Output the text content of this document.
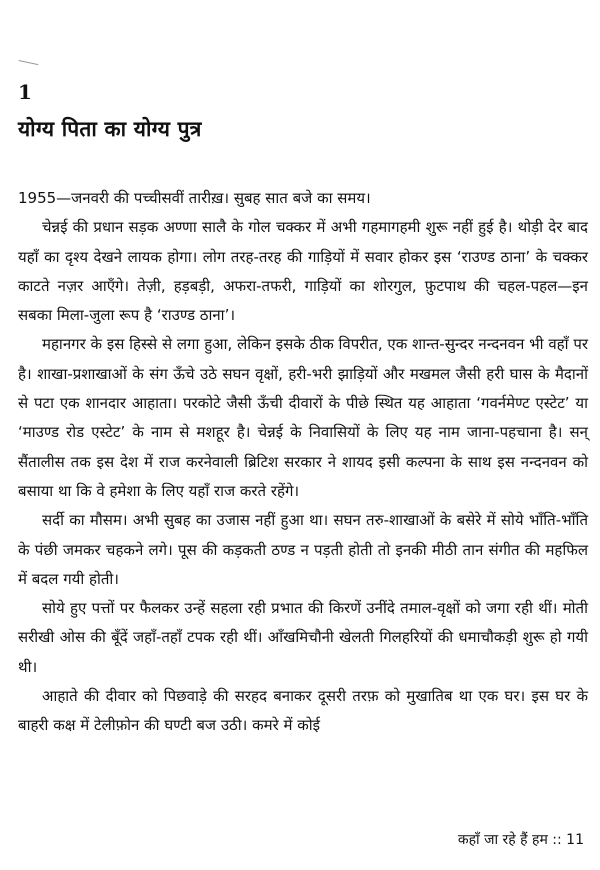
1
योग्य पिता का योग्य पुत्र

1955—जनवरी की पच्चीसवीं तारीख़। सुबह सात बजे का समय।

चेन्नई की प्रधान सड़क अण्णा सालै के गोल चक्कर में अभी गहमागहमी शुरू नहीं हुई है। थोड़ी देर बाद यहाँ का दृश्य देखने लायक होगा। लोग तरह-तरह की गाड़ियों में सवार होकर इस ‘राउण्ड ठाना’ के चक्कर काटते नज़र आएँगे। तेज़ी, हड़बड़ी, अफरा-तफरी, गाड़ियों का शोरगुल, फ़ुटपाथ की चहल-पहल—इन सबका मिला-जुला रूप है ‘राउण्ड ठाना’।

महानगर के इस हिस्से से लगा हुआ, लेकिन इसके ठीक विपरीत, एक शान्त-सुन्दर नन्दनवन भी वहाँ पर है। शाखा-प्रशाखाओं के संग ऊँचे उठे सघन वृक्षों, हरी-भरी झाड़ियों और मखमल जैसी हरी घास के मैदानों से पटा एक शानदार आहाता। परकोटे जैसी ऊँची दीवारों के पीछे स्थित यह आहाता ‘गवर्नमेण्ट एस्टेट’ या ‘माउण्ड रोड एस्टेट’ के नाम से मशहूर है। चेन्नई के निवासियों के लिए यह नाम जाना-पहचाना है। सन् सैंतालीस तक इस देश में राज करनेवाली ब्रिटिश सरकार ने शायद इसी कल्पना के साथ इस नन्दनवन को बसाया था कि वे हमेशा के लिए यहाँ राज करते रहेंगे।

सर्दी का मौसम। अभी सुबह का उजास नहीं हुआ था। सघन तरु-शाखाओं के बसेरे में सोये भाँति-भाँति के पंछी जमकर चहकने लगे। पूस की कड़कती ठण्ड न पड़ती होती तो इनकी मीठी तान संगीत की महफिल में बदल गयी होती।

सोये हुए पत्तों पर फैलकर उन्हें सहला रही प्रभात की किरणें उनींदे तमाल-वृक्षों को जगा रही थीं। मोती सरीखी ओस की बूँदें जहाँ-तहाँ टपक रही थीं। आँखमिचौनी खेलती गिलहरियों की धमाचौकड़ी शुरू हो गयी थी।

आहाते की दीवार को पिछवाड़े की सरहद बनाकर दूसरी तरफ़ को मुखातिब था एक घर। इस घर के बाहरी कक्ष में टेलीफ़ोन की घण्टी बज उठी। कमरे में कोई

कहाँ जा रहे हैं हम :: 11
